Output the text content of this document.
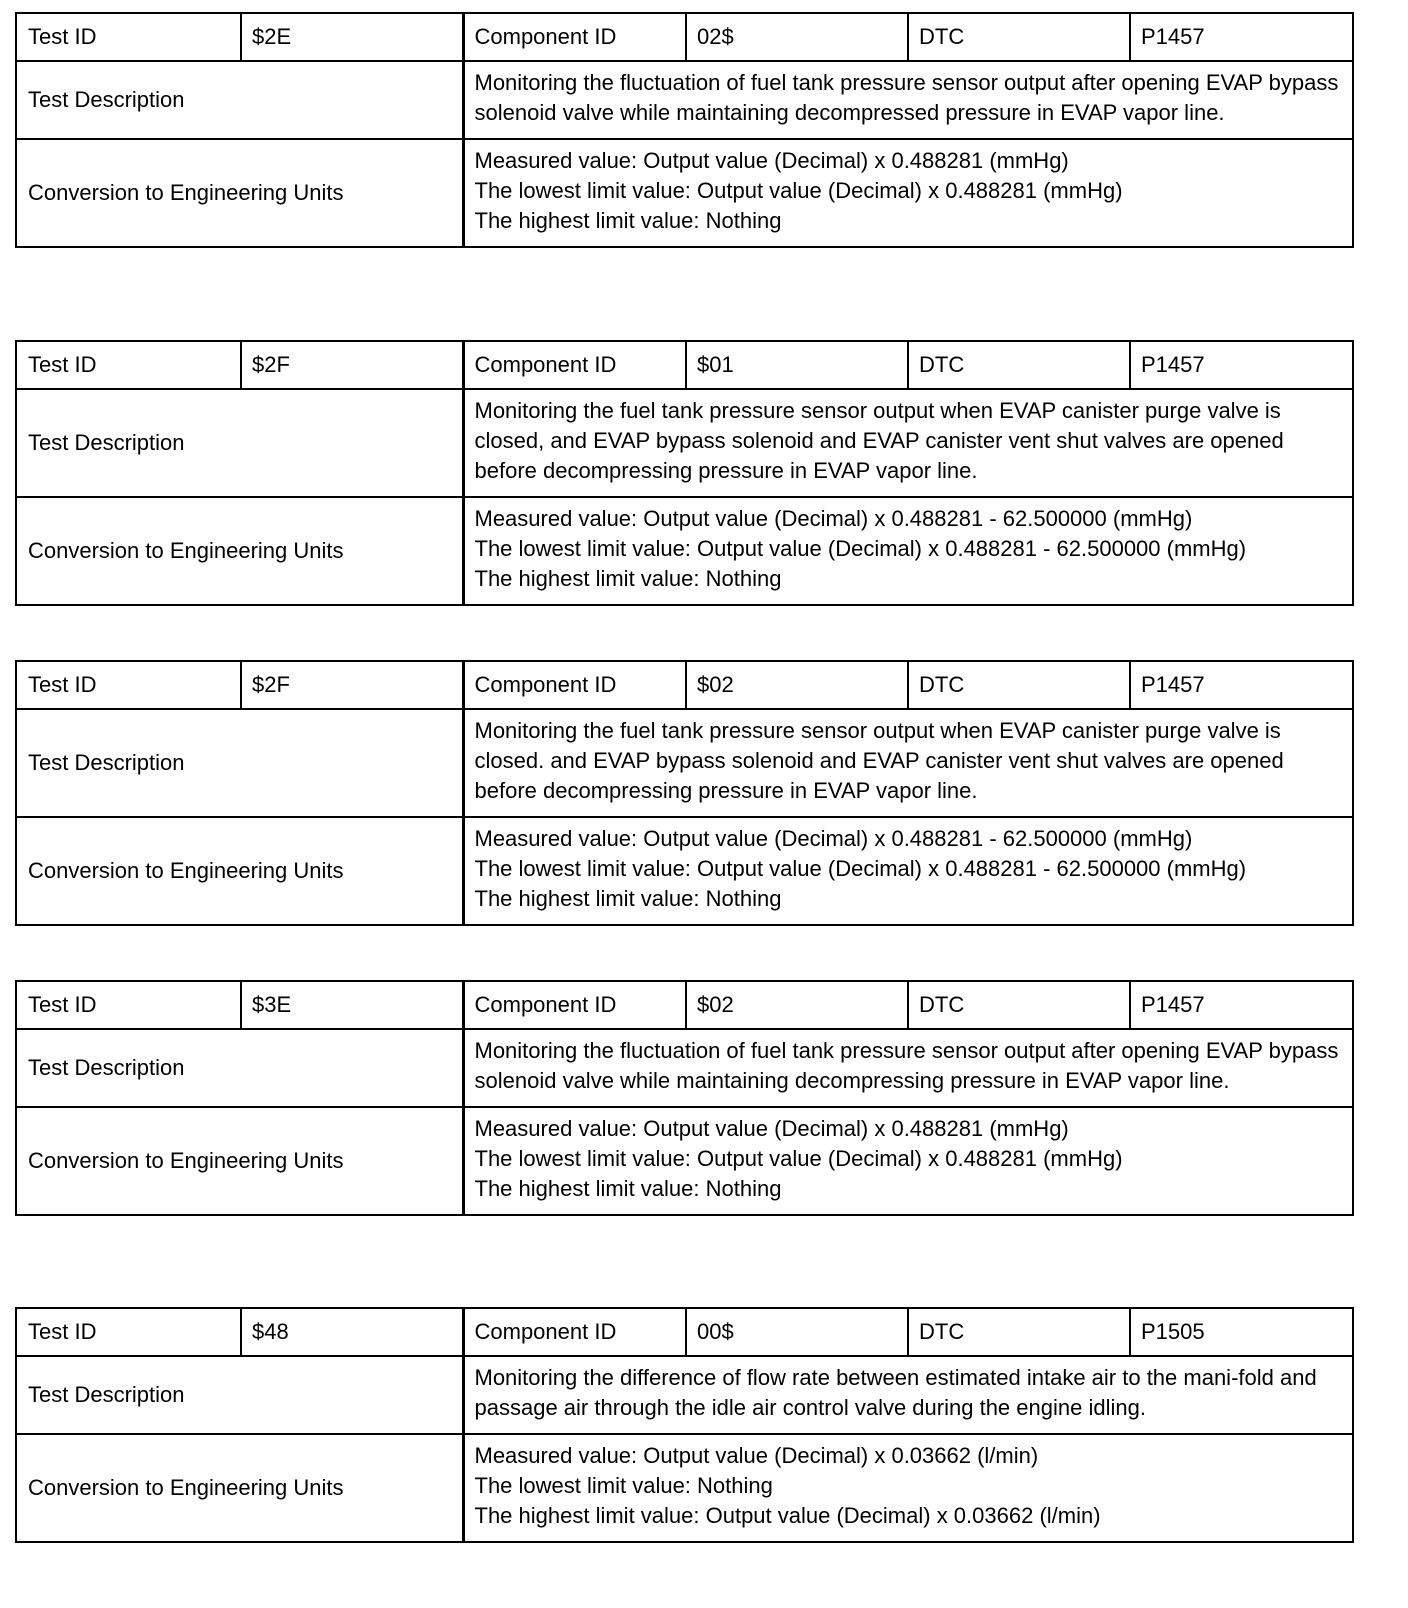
Test ID	$2E	Component ID	02$	DTC	P1457
Test Description		Monitoring the fluctuation of fuel tank pressure sensor output after opening EVAP bypass solenoid valve while maintaining decompressed pressure in EVAP vapor line.			
Conversion to Engineering Units		Measured value: Output value (Decimal) x 0.488281 (mmHg)
The lowest limit value: Output value (Decimal) x 0.488281 (mmHg)
The highest limit value: Nothing			
Test ID	$2F	Component ID	$01	DTC	P1457
Test Description		Monitoring the fuel tank pressure sensor output when EVAP canister purge valve is closed, and EVAP bypass solenoid and EVAP canister vent shut valves are opened before decompressing pressure in EVAP vapor line.			
Conversion to Engineering Units		Measured value: Output value (Decimal) x 0.488281 - 62.500000 (mmHg)
The lowest limit value: Output value (Decimal) x 0.488281 - 62.500000 (mmHg)
The highest limit value: Nothing			
Test ID	$2F	Component ID	$02	DTC	P1457
Test Description		Monitoring the fuel tank pressure sensor output when EVAP canister purge valve is closed. and EVAP bypass solenoid and EVAP canister vent shut valves are opened before decompressing pressure in EVAP vapor line.			
Conversion to Engineering Units		Measured value: Output value (Decimal) x 0.488281 - 62.500000 (mmHg)
The lowest limit value: Output value (Decimal) x 0.488281 - 62.500000 (mmHg)
The highest limit value: Nothing			
Test ID	$3E	Component ID	$02	DTC	P1457
Test Description		Monitoring the fluctuation of fuel tank pressure sensor output after opening EVAP bypass solenoid valve while maintaining decompressing pressure in EVAP vapor line.			
Conversion to Engineering Units		Measured value: Output value (Decimal) x 0.488281 (mmHg)
The lowest limit value: Output value (Decimal) x 0.488281 (mmHg)
The highest limit value: Nothing			
Test ID	$48	Component ID	00$	DTC	P1505
Test Description		Monitoring the difference of flow rate between estimated intake air to the mani-fold and passage air through the idle air control valve during the engine idling.			
Conversion to Engineering Units		Measured value: Output value (Decimal) x 0.03662 (l/min)
The lowest limit value: Nothing
The highest limit value: Output value (Decimal) x 0.03662 (l/min)			
